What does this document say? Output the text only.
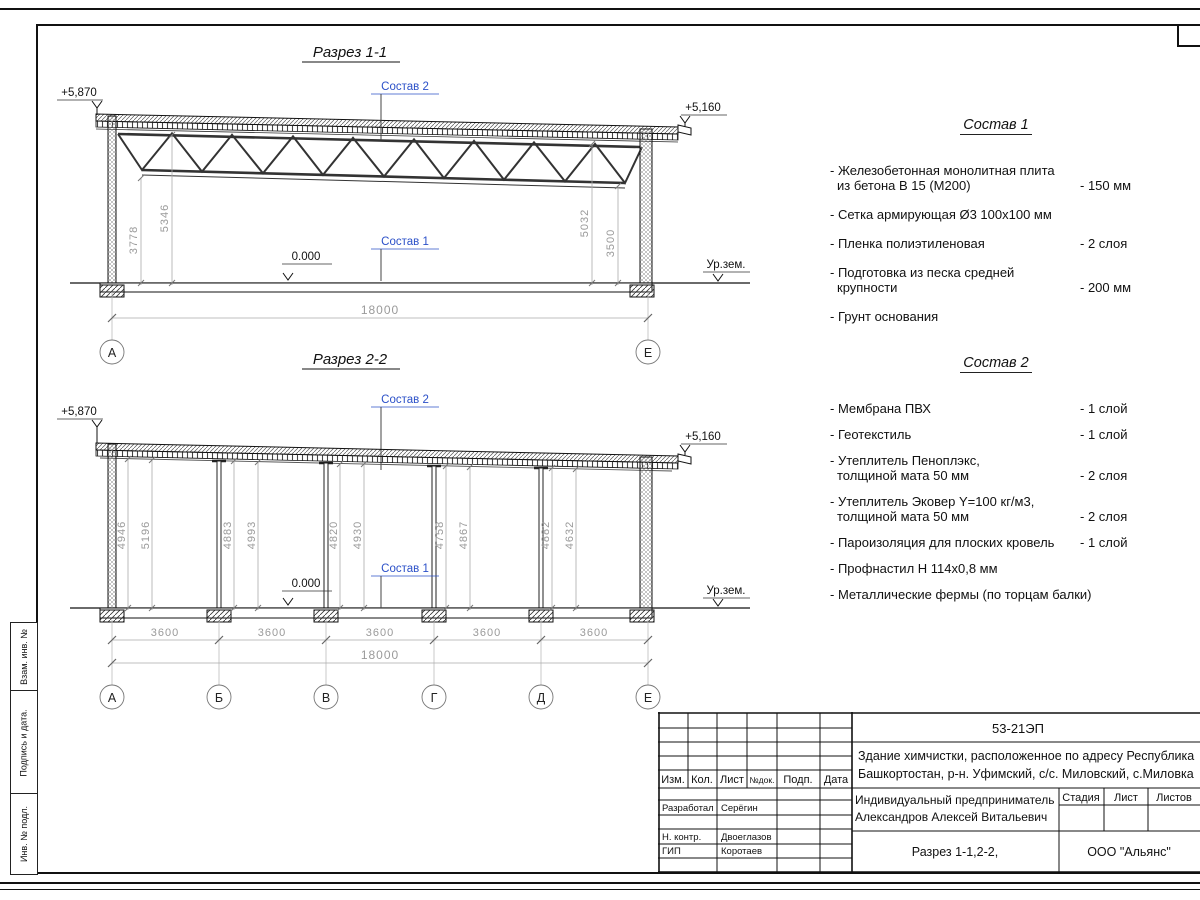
Взам. инв. №
Подпись и дата.
Инв. № подл.
Разрез 1-1
3778
5346	5032
3500
Состав 2
Состав 1
0.000
Ур.зем.
+5,870
+5,160
18000
А	Е
Разрез 2-2
Состав 2
4946 5196	4883 4993	4820 4930	4758 4867	4882 4632
Состав 1
0.000
Ур.зем.
+5,870
+5,160
3600	3600	3600	3600	3600
18000
А	Б	В	Г	Д	Е
Состав 1
- Железобетонная монолитная плита
из бетона В 15 (М200)	- 150 мм
- Сетка армирующая Ø3 100х100 мм
- Пленка полиэтиленовая	- 2 слоя
- Подготовка из песка средней
крупности	- 200 мм
- Грунт основания
Состав 2
- Мембрана ПВХ	- 1 слой
- Геотекстиль	- 1 слой
- Утеплитель Пеноплэкс,
толщиной мата 50 мм	- 2 слоя
- Утеплитель Эковер Y=100 кг/м3,
толщиной мата 50 мм	- 2 слоя
- Пароизоляция для плоских кровель	- 1 слой
- Профнастил Н 114х0,8 мм
- Металлические фермы (по торцам балки)
53-21ЭП
Здание химчистки, расположенное по адресу Республика
Башкортостан, р-н. Уфимский, с/с. Миловский, с.Миловка
Изм. Кол. Лист №док. Подп. Дата
Разработал Серёгин
Н. контр. Двоеглазов
ГИП	Коротаев
Индивидуальный предприниматель
Александров Алексей Витальевич
Стадия Лист Листов
Разрез 1-1,2-2,	ООО "Альянс"
